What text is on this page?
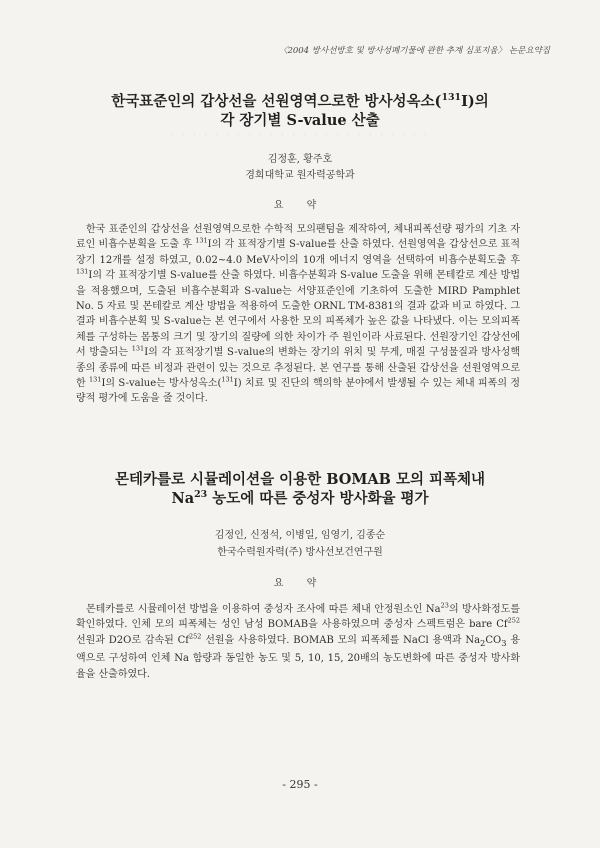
〈2004 방사선방호 및 방사성폐기물에 관한 추계 심포지움〉 논문요약집
한국표준인의 갑상선을 선원영역으로한 방사성옥소($^{131}$I)의
각 장기별 S-value 산출
· · · · · · · · · · · · · · · · · · · · · · · ·
김정훈, 황주호
경희대학교 원자력공학과
요 약

한국 표준인의 갑상선을 선원영역으로한 수학적 모의팬텀을 제작하여, 체내피폭선량 평가의 기초 자료인 비흡수분획을 도출 후 $^{131}$I의 각 표적장기별 S-value를 산출 하였다. 선원영역을 갑상선으로 표적장기 12개를 설정 하였고, 0.02~4.0 MeV사이의 10개 에너지 영역을 선택하여 비흡수분획도출 후 $^{131}$I의 각 표적장기별 S-value를 산출 하였다. 비흡수분획과 S-value 도출을 위해 몬테칼로 계산 방법을 적용했으며, 도출된 비흡수분획과 S-value는 서양표준인에 기초하여 도출한 MIRD Pamphlet No. 5 자료 및 몬테칼로 계산 방법을 적용하여 도출한 ORNL TM-8381의 결과 값과 비교 하였다. 그 결과 비흡수분획 및 S-value는 본 연구에서 사용한 모의 피폭체가 높은 값을 나타냈다. 이는 모의피폭체를 구성하는 몸통의 크기 및 장기의 질량에 의한 차이가 주 원인이라 사료된다. 선원장기인 갑상선에서 방출되는 $^{131}$I의 각 표적장기별 S-value의 변화는 장기의 위치 및 무게, 매질 구성물질과 방사성핵종의 종류에 따른 비정과 관련이 있는 것으로 추정된다. 본 연구를 통해 산출된 갑상선을 선원영역으로한 $^{131}$I의 S-value는 방사성옥소($^{131}$I) 치료 및 진단의 핵의학 분야에서 발생될 수 있는 체내 피폭의 정량적 평가에 도움을 줄 것이다.

몬테카를로 시뮬레이션을 이용한 BOMAB 모의 피폭체내
Na$^{23}$ 농도에 따른 중성자 방사화율 평가
김정인, 신정석, 이병일, 임영기, 김종순
한국수력원자력(주) 방사선보건연구원
요 약

몬테카를로 시뮬레이션 방법을 이용하여 중성자 조사에 따른 체내 안정원소인 Na$^{23}$의 방사화정도를 확인하였다. 인체 모의 피폭체는 성인 남성 BOMAB을 사용하였으며 중성자 스펙트럼은 bare Cf$^{252}$ 선원과 D2O로 감속된 Cf$^{252}$ 선원을 사용하였다. BOMAB 모의 피폭체를 NaCl 용액과 $Na_2CO_3$ 용액으로 구성하여 인체 Na 함량과 동일한 농도 및 5, 10, 15, 20배의 농도변화에 따른 중성자 방사화율을 산출하였다.

- 295 -
